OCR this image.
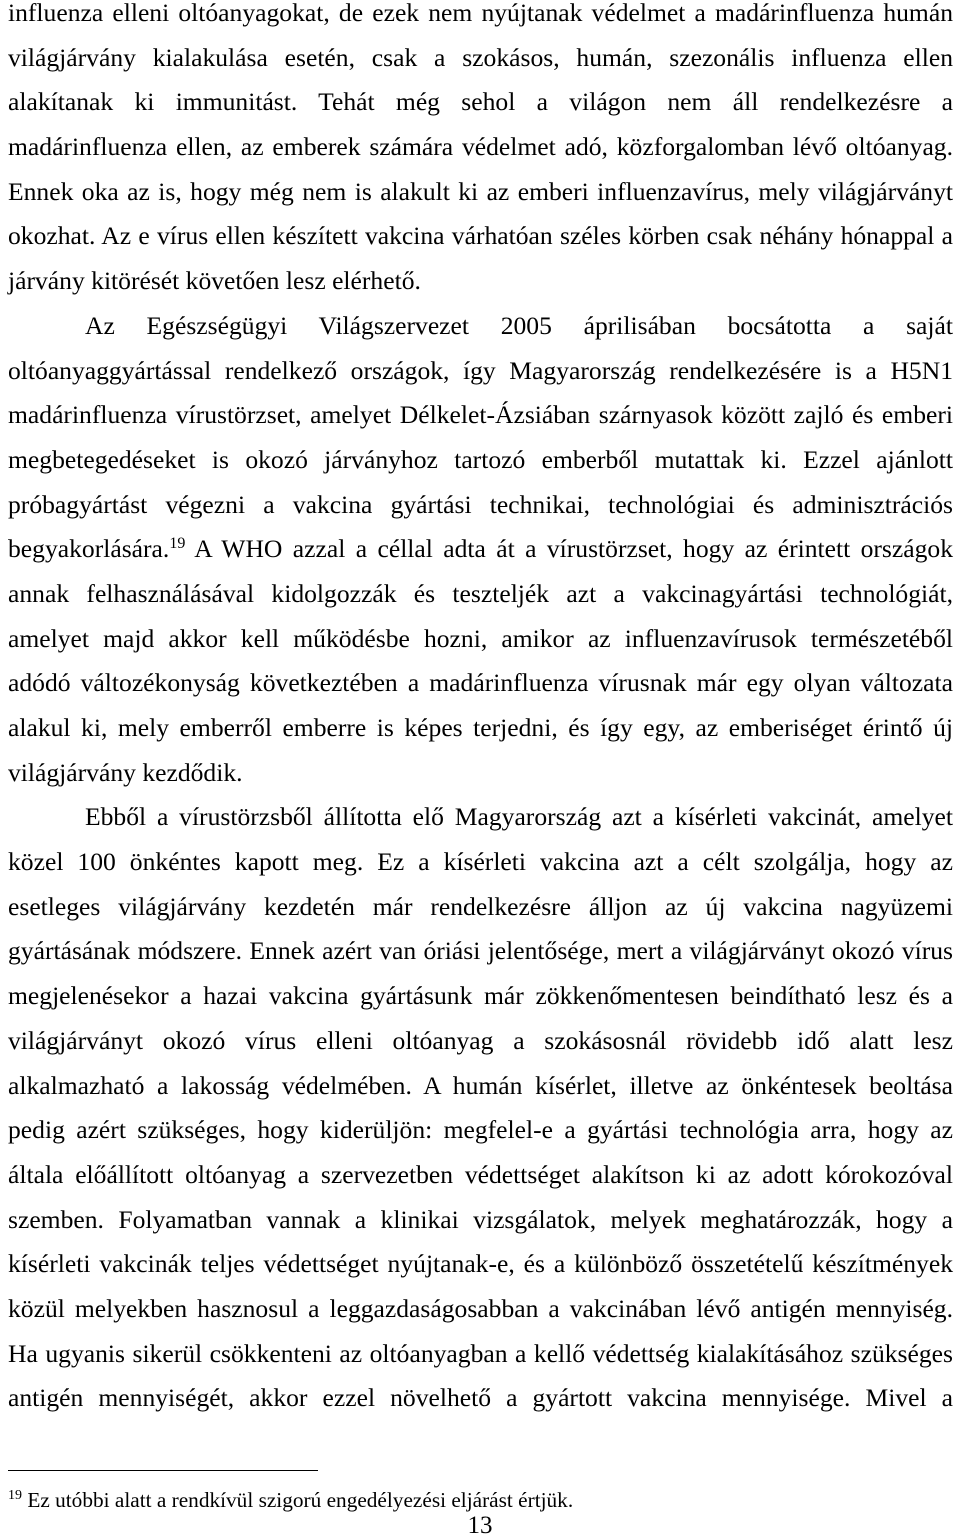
influenza elleni oltóanyagokat, de ezek nem nyújtanak védelmet a madárinfluenza humán
világjárvány kialakulása esetén, csak a szokásos, humán, szezonális influenza ellen
alakítanak ki immunitást. Tehát még sehol a világon nem áll rendelkezésre a
madárinfluenza ellen, az emberek számára védelmet adó, közforgalomban lévő oltóanyag.
Ennek oka az is, hogy még nem is alakult ki az emberi influenzavírus, mely világjárványt
okozhat. Az e vírus ellen készített vakcina várhatóan széles körben csak néhány hónappal a
járvány kitörését követően lesz elérhető.
Az Egészségügyi Világszervezet 2005 áprilisában bocsátotta a saját
oltóanyaggyártással rendelkező országok, így Magyarország rendelkezésére is a H5N1
madárinfluenza vírustörzset, amelyet Délkelet-Ázsiában szárnyasok között zajló és emberi
megbetegedéseket is okozó járványhoz tartozó emberből mutattak ki. Ezzel ajánlott
próbagyártást végezni a vakcina gyártási technikai, technológiai és adminisztrációs
begyakorlására.$^{19}$ A WHO azzal a céllal adta át a vírustörzset, hogy az érintett országok
annak felhasználásával kidolgozzák és teszteljék azt a vakcinagyártási technológiát,
amelyet majd akkor kell működésbe hozni, amikor az influenzavírusok természetéből
adódó változékonyság következtében a madárinfluenza vírusnak már egy olyan változata
alakul ki, mely emberről emberre is képes terjedni, és így egy, az emberiséget érintő új
világjárvány kezdődik.
Ebből a vírustörzsből állította elő Magyarország azt a kísérleti vakcinát, amelyet
közel 100 önkéntes kapott meg. Ez a kísérleti vakcina azt a célt szolgálja, hogy az
esetleges világjárvány kezdetén már rendelkezésre álljon az új vakcina nagyüzemi
gyártásának módszere. Ennek azért van óriási jelentősége, mert a világjárványt okozó vírus
megjelenésekor a hazai vakcina gyártásunk már zökkenőmentesen beindítható lesz és a
világjárványt okozó vírus elleni oltóanyag a szokásosnál rövidebb idő alatt lesz
alkalmazható a lakosság védelmében. A humán kísérlet, illetve az önkéntesek beoltása
pedig azért szükséges, hogy kiderüljön: megfelel-e a gyártási technológia arra, hogy az
általa előállított oltóanyag a szervezetben védettséget alakítson ki az adott kórokozóval
szemben. Folyamatban vannak a klinikai vizsgálatok, melyek meghatározzák, hogy a
kísérleti vakcinák teljes védettséget nyújtanak-e, és a különböző összetételű készítmények
közül melyekben hasznosul a leggazdaságosabban a vakcinában lévő antigén mennyiség.
Ha ugyanis sikerül csökkenteni az oltóanyagban a kellő védettség kialakításához szükséges
antigén mennyiségét, akkor ezzel növelhető a gyártott vakcina mennyisége. Mivel a
$^{19}$ Ez utóbbi alatt a rendkívül szigorú engedélyezési eljárást értjük.
13
